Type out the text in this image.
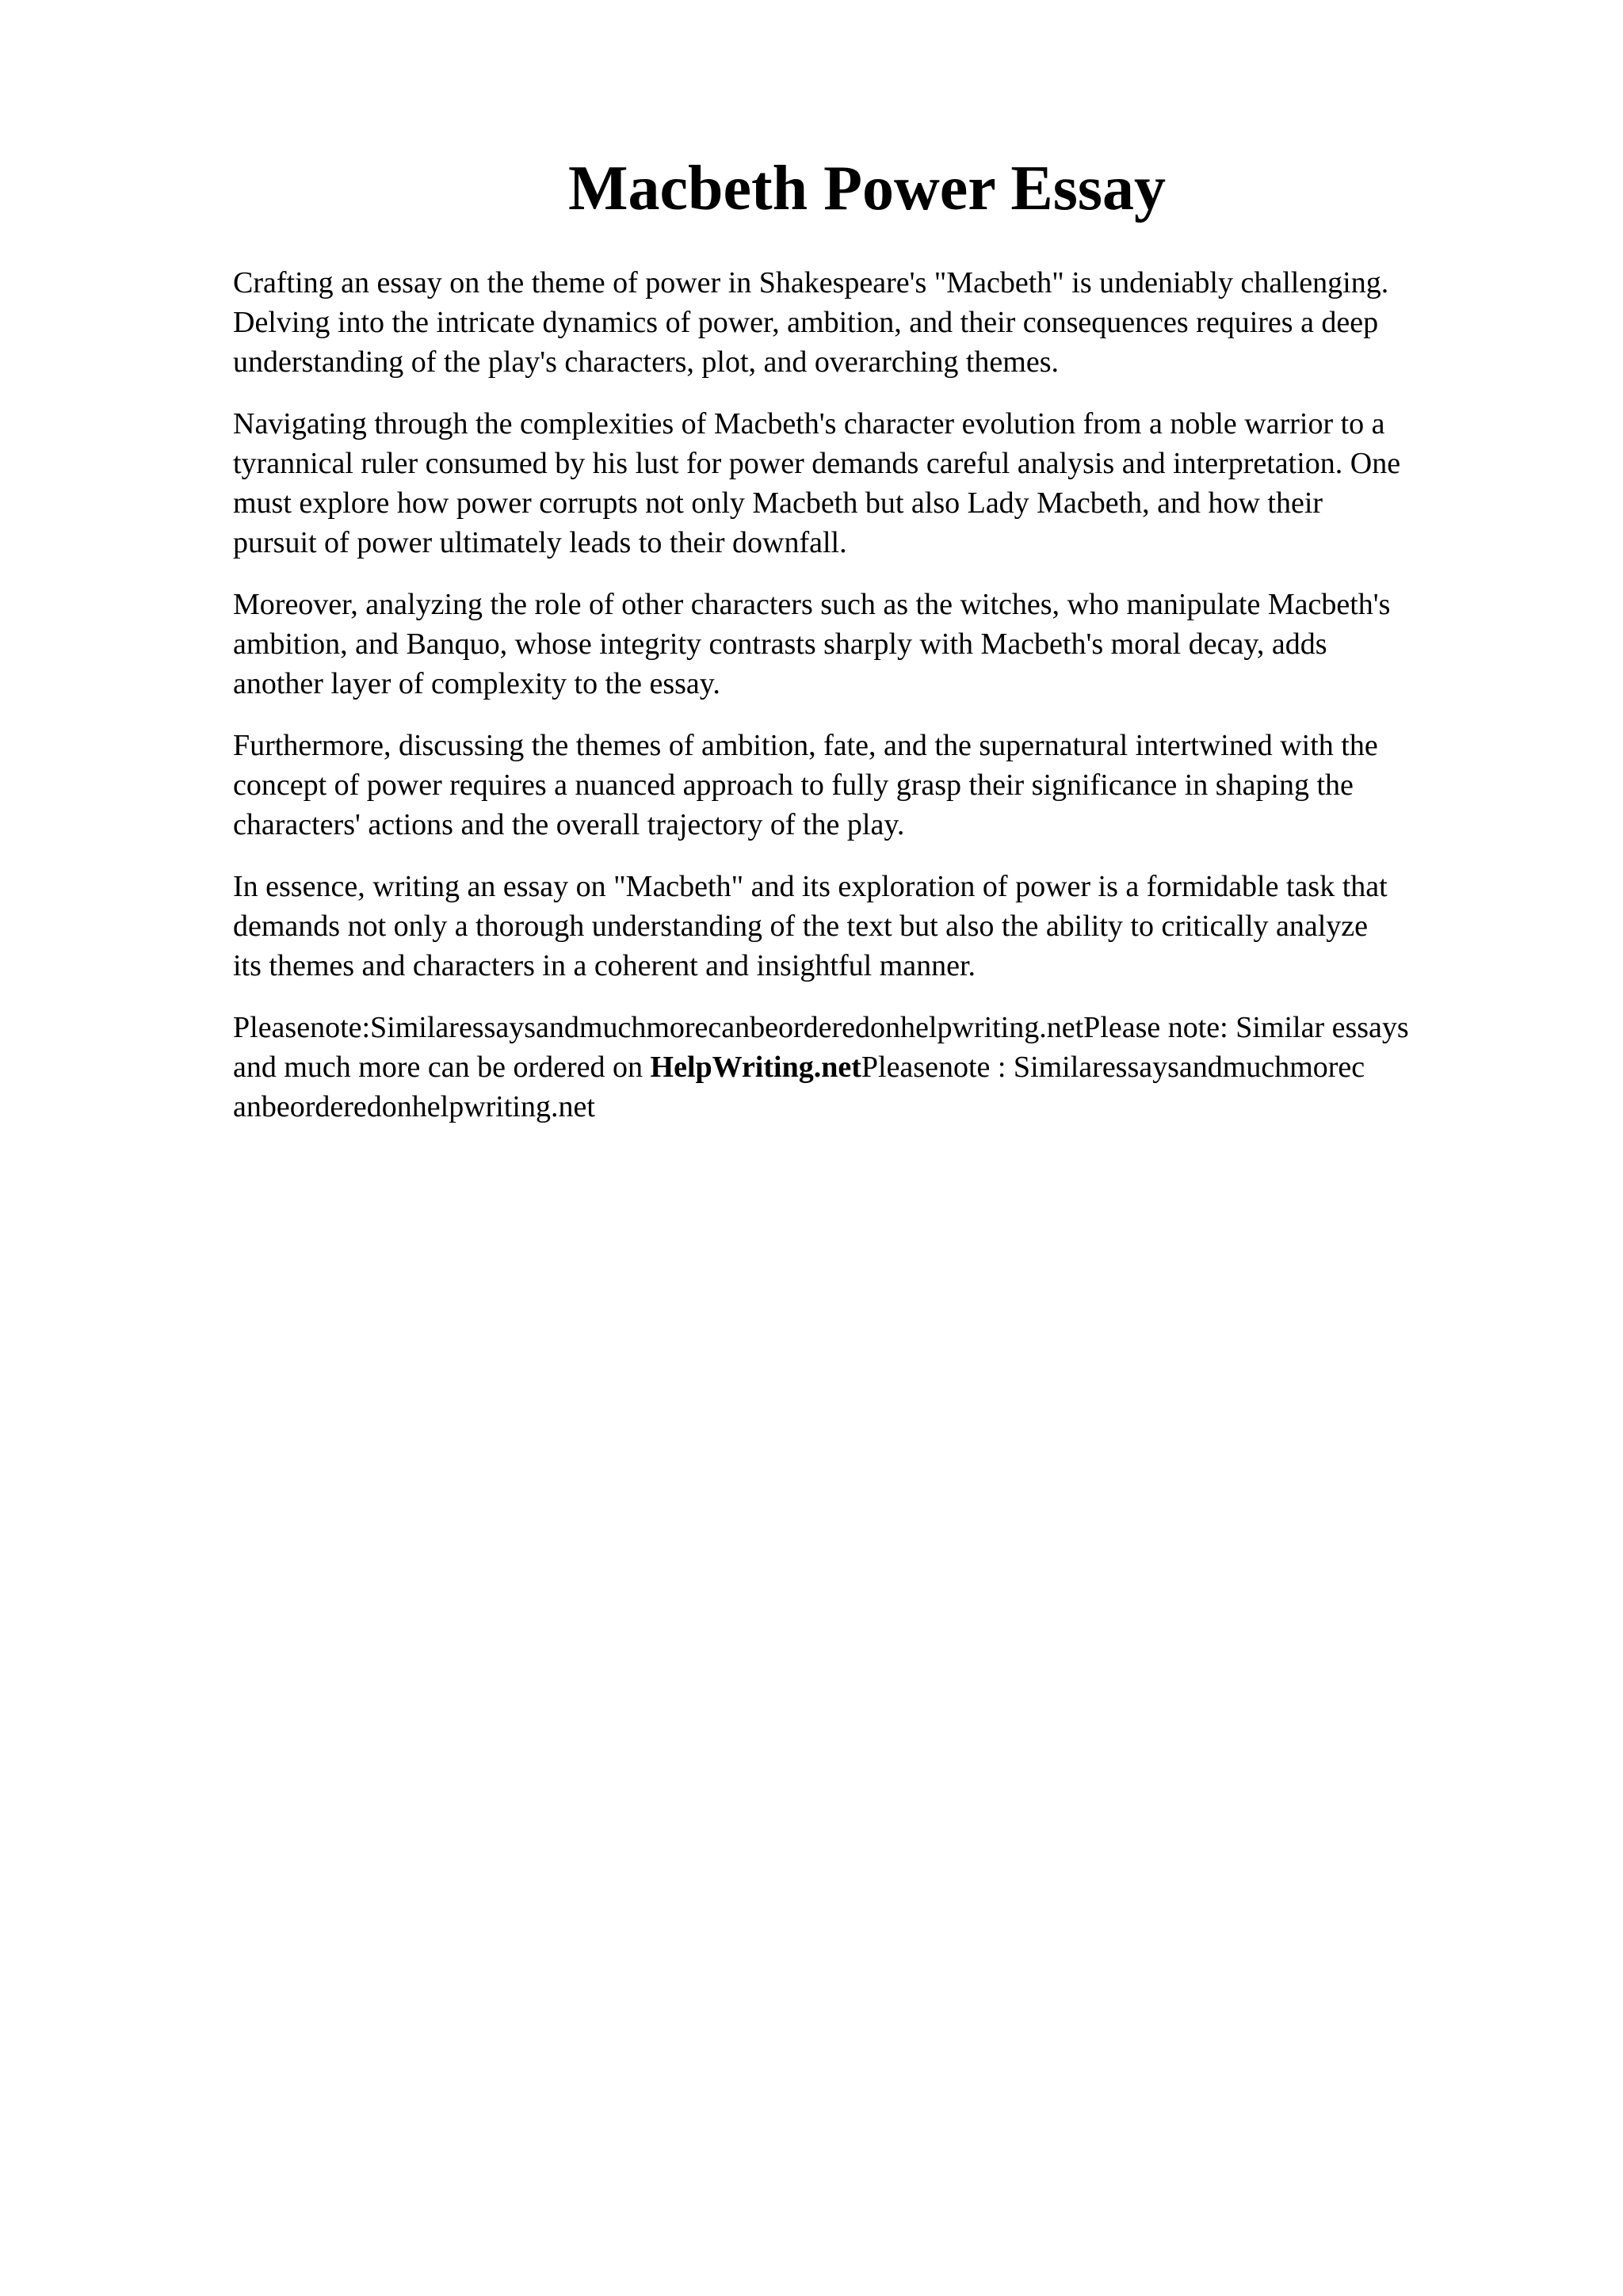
Macbeth Power Essay

Crafting an essay on the theme of power in Shakespeare's "Macbeth" is undeniably challenging.
Delving into the intricate dynamics of power, ambition, and their consequences requires a deep
understanding of the play's characters, plot, and overarching themes.

Navigating through the complexities of Macbeth's character evolution from a noble warrior to a
tyrannical ruler consumed by his lust for power demands careful analysis and interpretation. One
must explore how power corrupts not only Macbeth but also Lady Macbeth, and how their
pursuit of power ultimately leads to their downfall.

Moreover, analyzing the role of other characters such as the witches, who manipulate Macbeth's
ambition, and Banquo, whose integrity contrasts sharply with Macbeth's moral decay, adds
another layer of complexity to the essay.

Furthermore, discussing the themes of ambition, fate, and the supernatural intertwined with the
concept of power requires a nuanced approach to fully grasp their significance in shaping the
characters' actions and the overall trajectory of the play.

In essence, writing an essay on "Macbeth" and its exploration of power is a formidable task that
demands not only a thorough understanding of the text but also the ability to critically analyze
its themes and characters in a coherent and insightful manner.

Pleasenote:Similaressaysandmuchmorecanbeorderedonhelpwriting.netPlease note: Similar essays
and much more can be ordered on HelpWriting.netPleasenote : Similaressaysandmuchmorec
anbeorderedonhelpwriting.net
